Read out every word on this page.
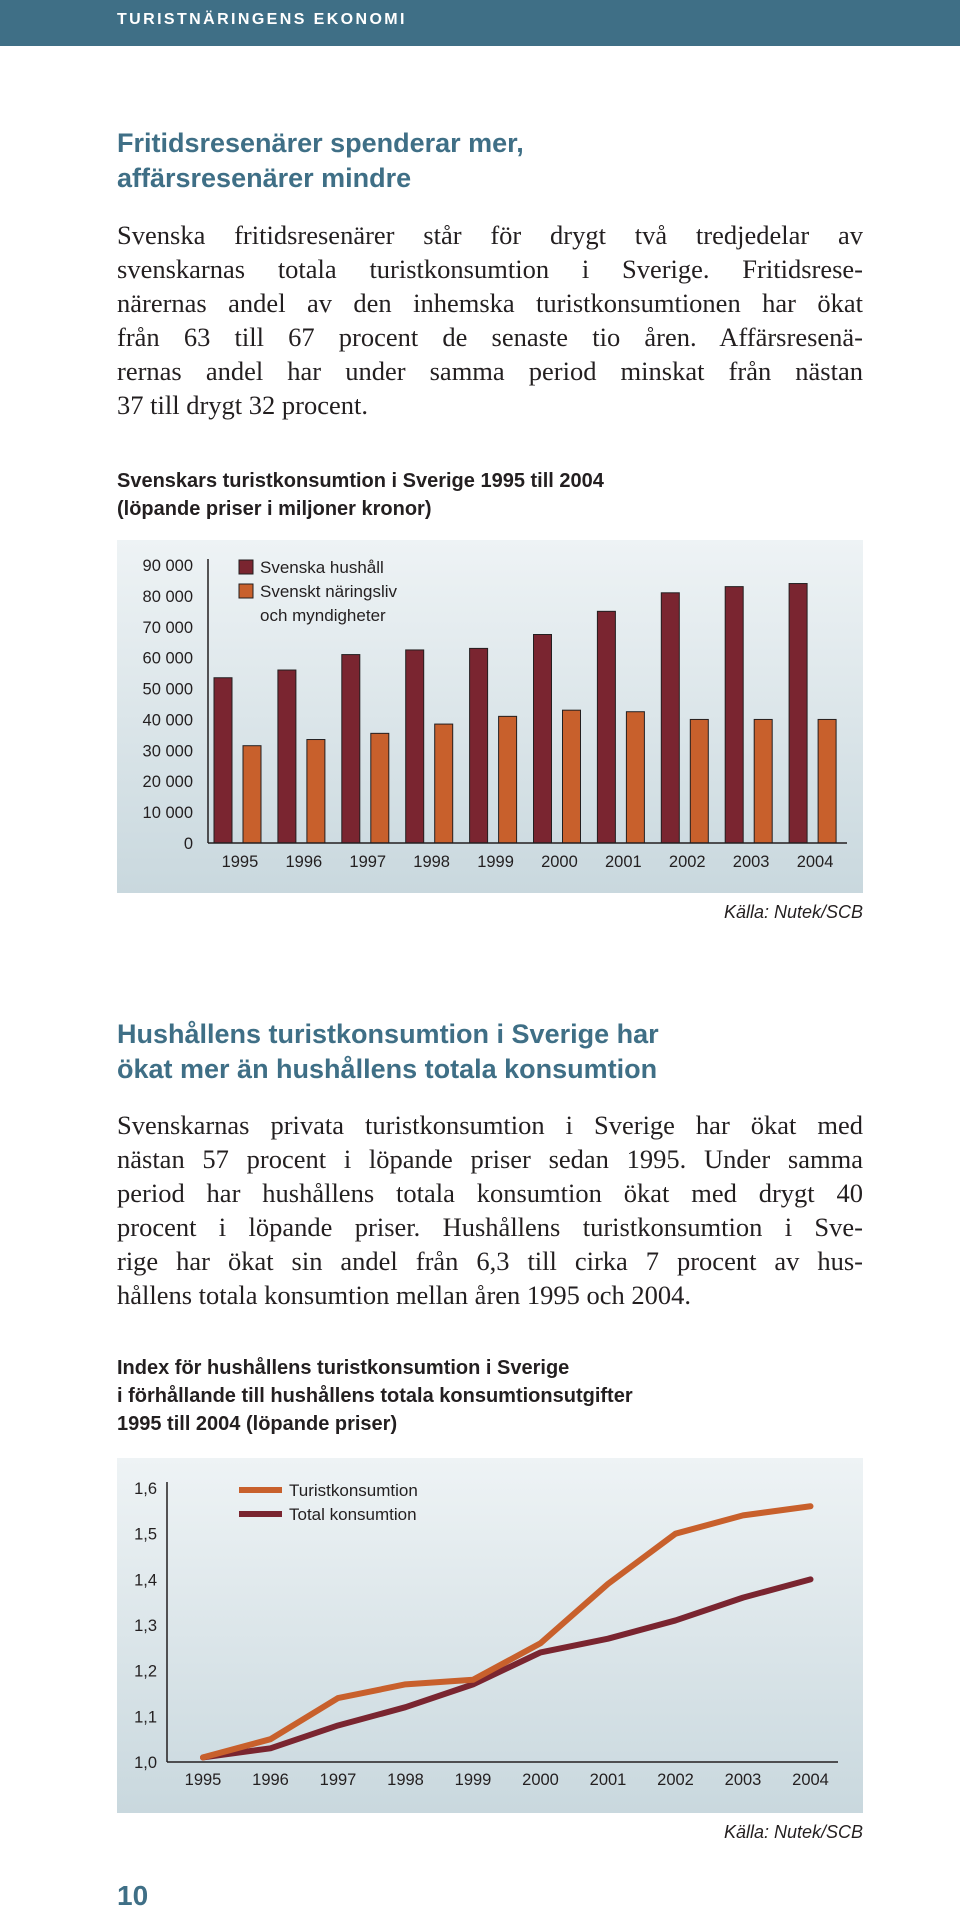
TURISTNÄRINGENS EKONOMI
Fritidsresenärer spenderar mer,
affärsresenärer mindre

Svenska fritidsresenärer står för drygt två tredjedelar av
svenskarnas totala turistkonsumtion i Sverige. Fritidsrese-
närernas andel av den inhemska turistkonsumtionen har ökat
från 63 till 67 procent de senaste tio åren. Affärsresenä-
rernas andel har under samma period minskat från nästan
37 till drygt 32 procent.

Svenskars turistkonsumtion i Sverige 1995 till 2004
(löpande priser i miljoner kronor)
0
10 000
20 000
30 000
40 000
50 000
60 000
70 000
80 000
90 000
1995 1996 1997 1998 1999 2000 2001 2002 2003 2004
Svenska hushåll
Svenskt näringsliv
och myndigheter
Källa: Nutek/SCB
Hushållens turistkonsumtion i Sverige har
ökat mer än hushållens totala konsumtion

Svenskarnas privata turistkonsumtion i Sverige har ökat med
nästan 57 procent i löpande priser sedan 1995. Under samma
period har hushållens totala konsumtion ökat med drygt 40
procent i löpande priser. Hushållens turistkonsumtion i Sve-
rige har ökat sin andel från 6,3 till cirka 7 procent av hus-
hållens totala konsumtion mellan åren 1995 och 2004.

Index för hushållens turistkonsumtion i Sverige
i förhållande till hushållens totala konsumtionsutgifter
1995 till 2004 (löpande priser)
1,0
1,1
1,2
1,3
1,4
1,5
1,6
1995 1996 1997 1998 1999 2000 2001 2002 2003 2004
Turistkonsumtion
Total konsumtion
Källa: Nutek/SCB
10
